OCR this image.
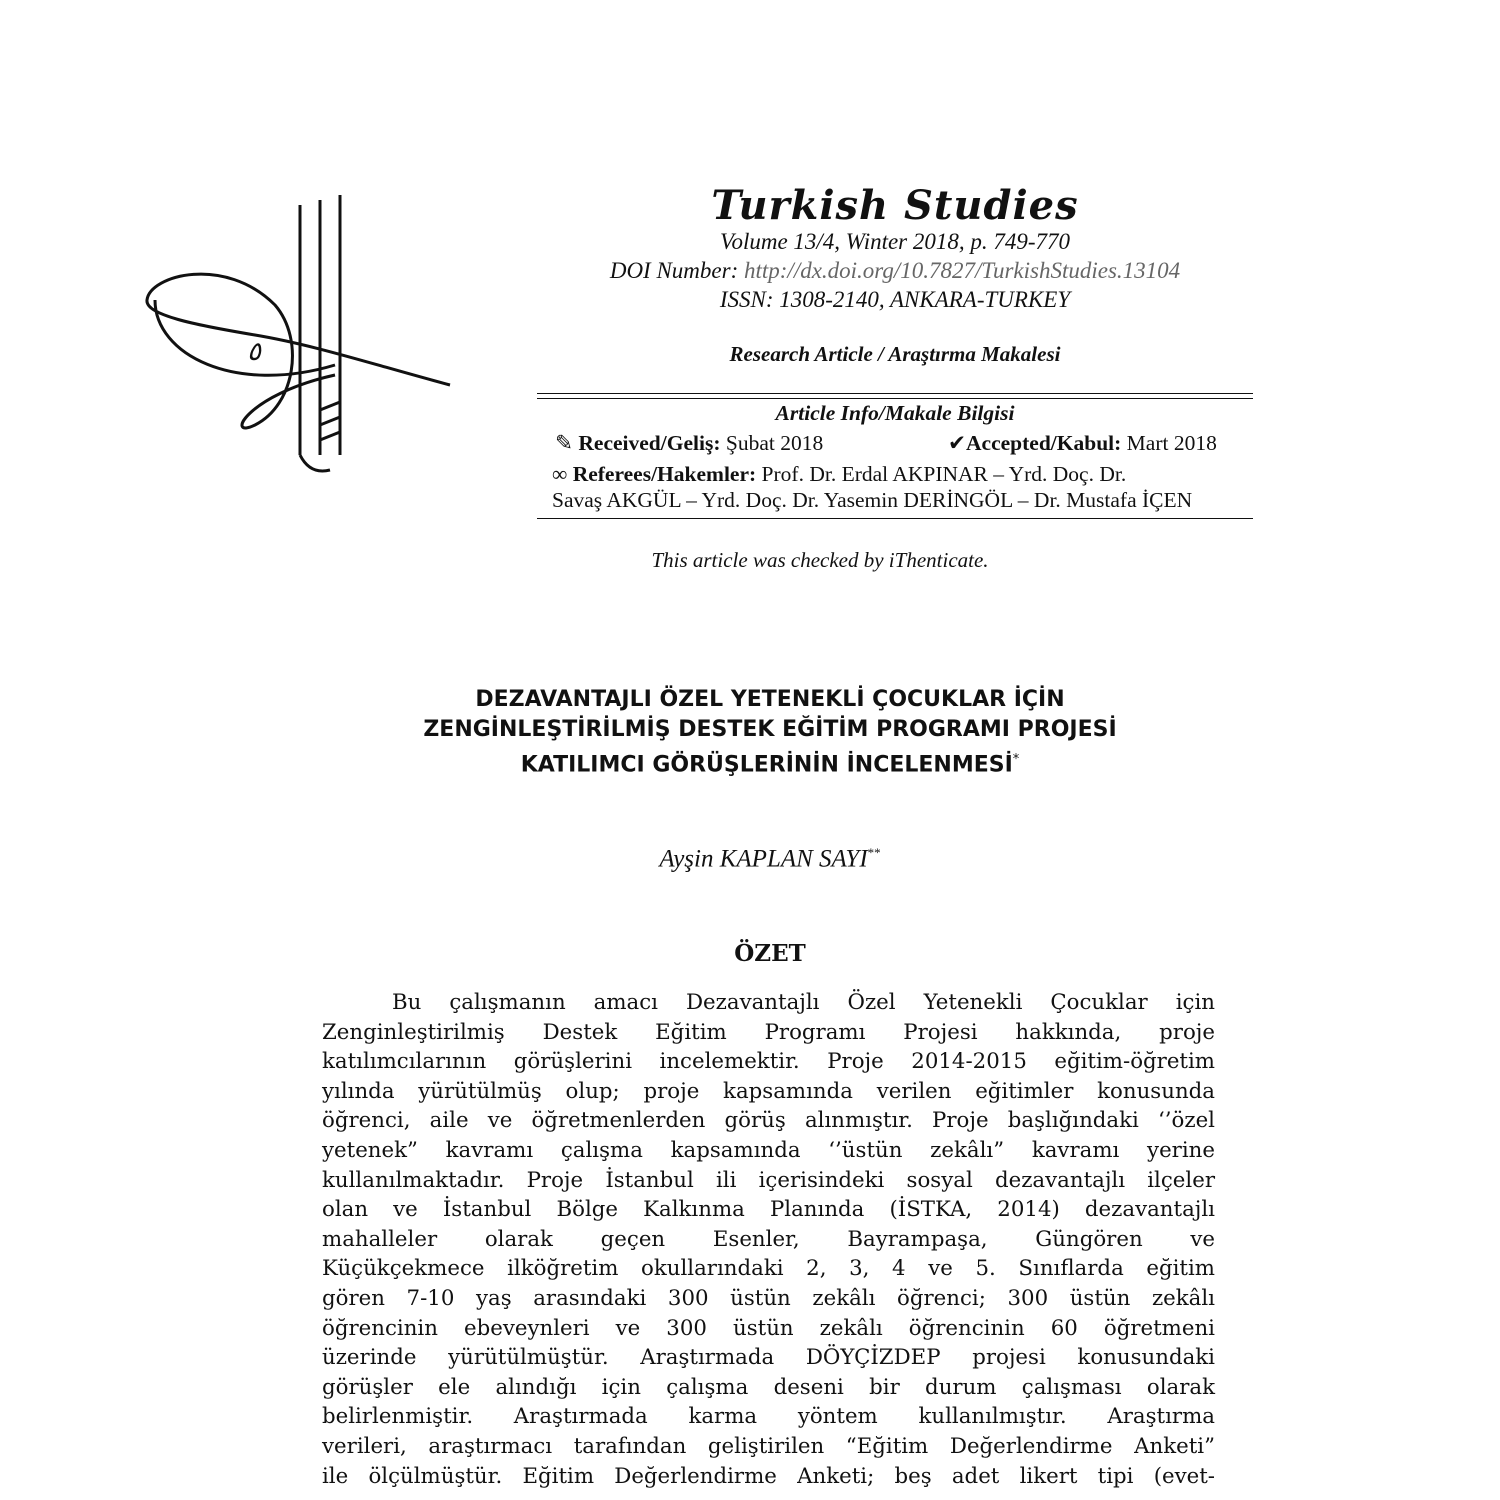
٥
Turkish Studies
Volume 13/4, Winter 2018, p. 749-770
DOI Number: http://dx.doi.org/10.7827/TurkishStudies.13104
ISSN: 1308-2140, ANKARA-TURKEY
Research Article / Araştırma Makalesi
Article Info/Makale Bilgisi
✎ Received/Geliş: Şubat 2018	✔Accepted/Kabul: Mart 2018
∞ Referees/Hakemler: Prof. Dr. Erdal AKPINAR – Yrd. Doç. Dr.
Savaş AKGÜL – Yrd. Doç. Dr. Yasemin DERİNGÖL – Dr. Mustafa İÇEN
This article was checked by iThenticate.
DEZAVANTAJLI ÖZEL YETENEKLİ ÇOCUKLAR İÇİN
ZENGİNLEŞTİRİLMİŞ DESTEK EĞİTİM PROGRAMI PROJESİ
KATILIMCI GÖRÜŞLERİNİN İNCELENMESİ*
Ayşin KAPLAN SAYI**
ÖZET
Bu çalışmanın amacı Dezavantajlı Özel Yetenekli Çocuklar için
Zenginleştirilmiş Destek Eğitim Programı Projesi hakkında, proje
katılımcılarının görüşlerini incelemektir. Proje 2014-2015 eğitim-öğretim
yılında yürütülmüş olup; proje kapsamında verilen eğitimler konusunda
öğrenci, aile ve öğretmenlerden görüş alınmıştır. Proje başlığındaki ‘’özel
yetenek” kavramı çalışma kapsamında ‘’üstün zekâlı” kavramı yerine
kullanılmaktadır. Proje İstanbul ili içerisindeki sosyal dezavantajlı ilçeler
olan ve İstanbul Bölge Kalkınma Planında (İSTKA, 2014) dezavantajlı
mahalleler olarak geçen Esenler, Bayrampaşa, Güngören ve
Küçükçekmece ilköğretim okullarındaki 2, 3, 4 ve 5. Sınıflarda eğitim
gören 7-10 yaş arasındaki 300 üstün zekâlı öğrenci; 300 üstün zekâlı
öğrencinin ebeveynleri ve 300 üstün zekâlı öğrencinin 60 öğretmeni
üzerinde yürütülmüştür. Araştırmada DÖYÇİZDEP projesi konusundaki
görüşler ele alındığı için çalışma deseni bir durum çalışması olarak
belirlenmiştir. Araştırmada karma yöntem kullanılmıştır. Araştırma
verileri, araştırmacı tarafından geliştirilen “Eğitim Değerlendirme Anketi”
ile ölçülmüştür. Eğitim Değerlendirme Anketi; beş adet likert tipi (evet-
